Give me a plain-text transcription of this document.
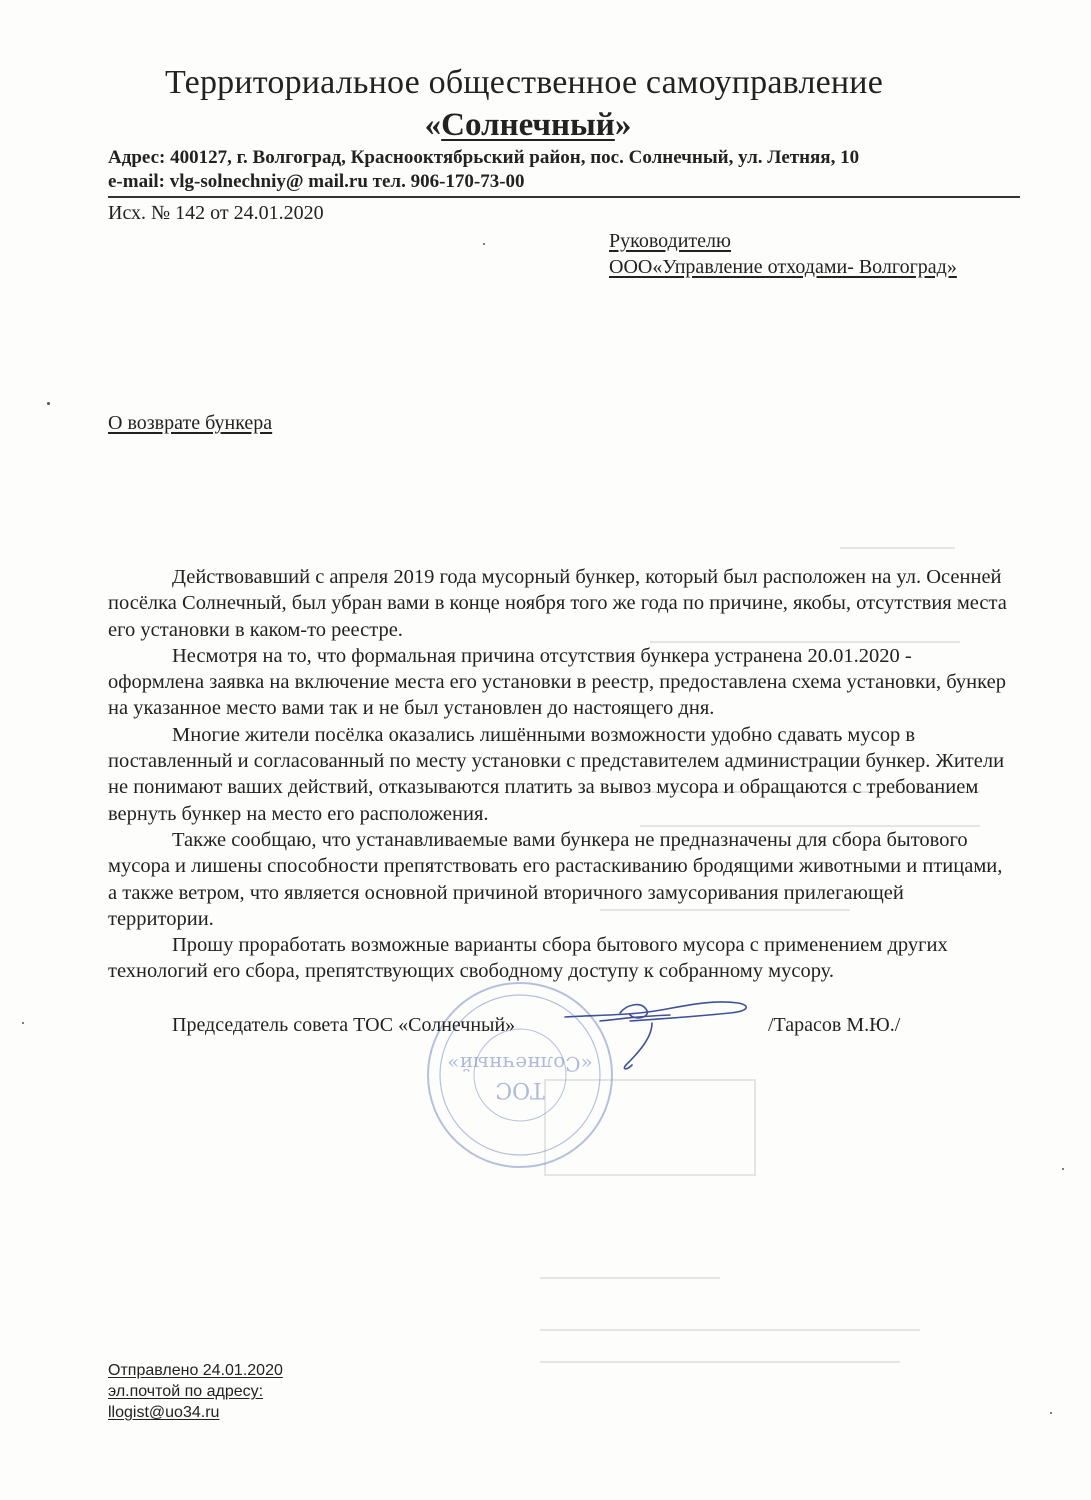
Территориальное общественное самоуправление
«Солнечный»
Адрес: 400127, г. Волгоград, Краснооктябрьский район, пос. Солнечный, ул. Летняя, 10
e-mail: vlg-solnechniy@ mail.ru тел. 906-170-73-00
Исх. № 142 от 24.01.2020
Руководителю
ООО«Управление отходами- Волгоград»
О возврате бункера

Действовавший с апреля 2019 года мусорный бункер, который был расположен на ул. Осенней посёлка Солнечный, был убран вами в конце ноября того же года по причине, якобы, отсутствия места его установки в каком-то реестре.

Несмотря на то, что формальная причина отсутствия бункера устранена 20.01.2020 - оформлена заявка на включение места его установки в реестр, предоставлена схема установки, бункер на указанное место вами так и не был установлен до настоящего дня.

Многие жители посёлка оказались лишёнными возможности удобно сдавать мусор в поставленный и согласованный по месту установки с представителем администрации бункер. Жители не понимают ваших действий, отказываются платить за вывоз мусора и обращаются с требованием вернуть бункер на место его расположения.

Также сообщаю, что устанавливаемые вами бункера не предназначены для сбора бытового мусора и лишены способности препятствовать его растаскиванию бродящими животными и птицами, а также ветром, что является основной причиной вторичного замусоривания прилегающей территории.

Прошу проработать возможные варианты сбора бытового мусора с применением других технологий его сбора, препятствующих свободному доступу к собранному мусору.

ТОС
«Солнечный»
Председатель совета ТОС «Солнечный»	/Тарасов М.Ю./
Отправлено 24.01.2020
эл.почтой по адресу:
llogist@uo34.ru
